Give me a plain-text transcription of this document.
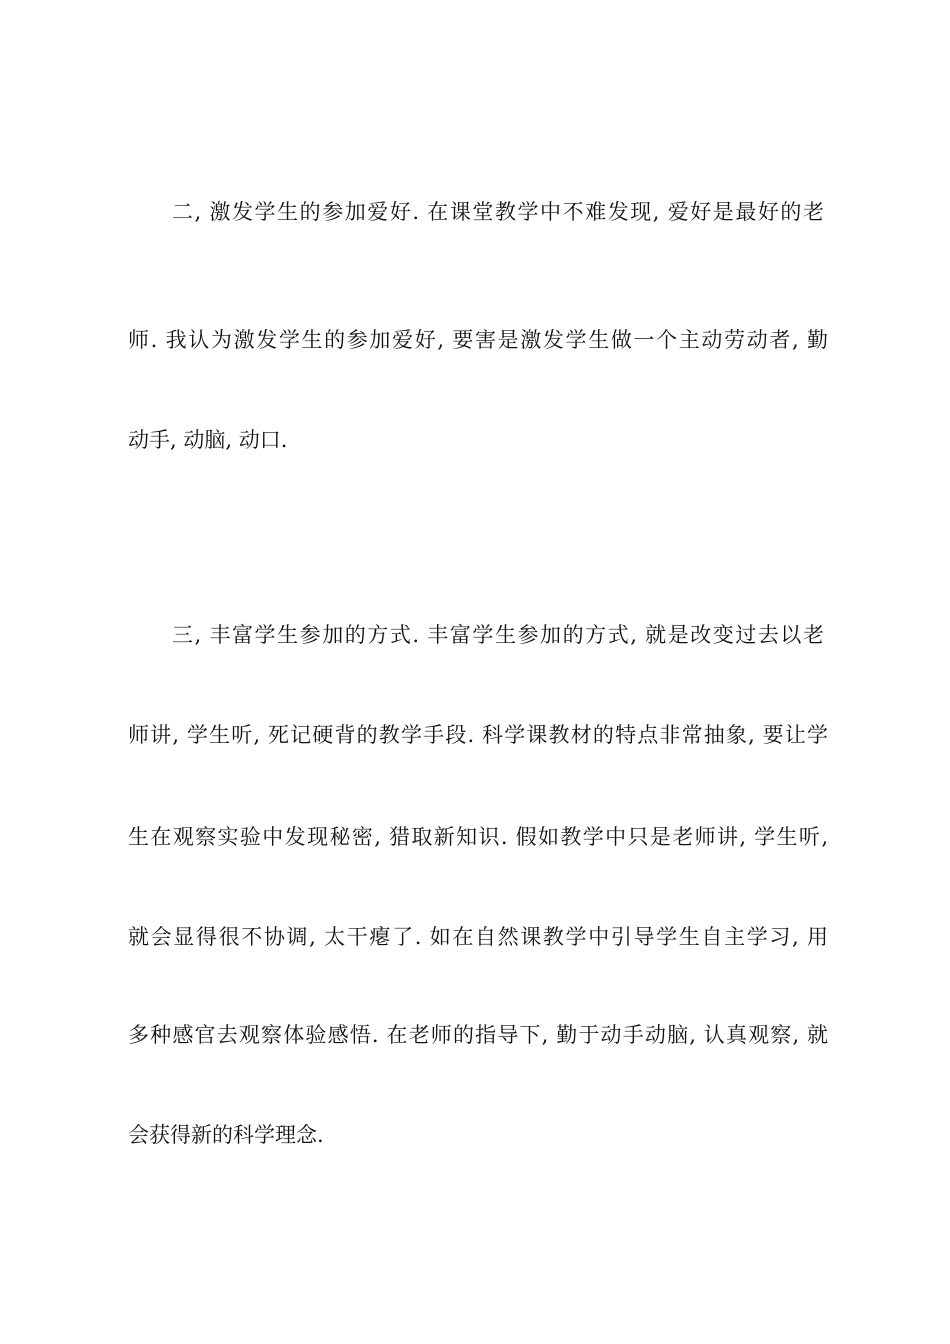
二, 激发学生的参加爱好. 在课堂教学中不难发现, 爱好是最好的老
师. 我认为激发学生的参加爱好, 要害是激发学生做一个主动劳动者, 勤
动手, 动脑, 动口.
三, 丰富学生参加的方式. 丰富学生参加的方式, 就是改变过去以老
师讲, 学生听, 死记硬背的教学手段. 科学课教材的特点非常抽象, 要让学
生在观察实验中发现秘密, 猎取新知识. 假如教学中只是老师讲, 学生听,
就会显得很不协调, 太干瘪了. 如在自然课教学中引导学生自主学习, 用
多种感官去观察体验感悟. 在老师的指导下, 勤于动手动脑, 认真观察, 就
会获得新的科学理念.
